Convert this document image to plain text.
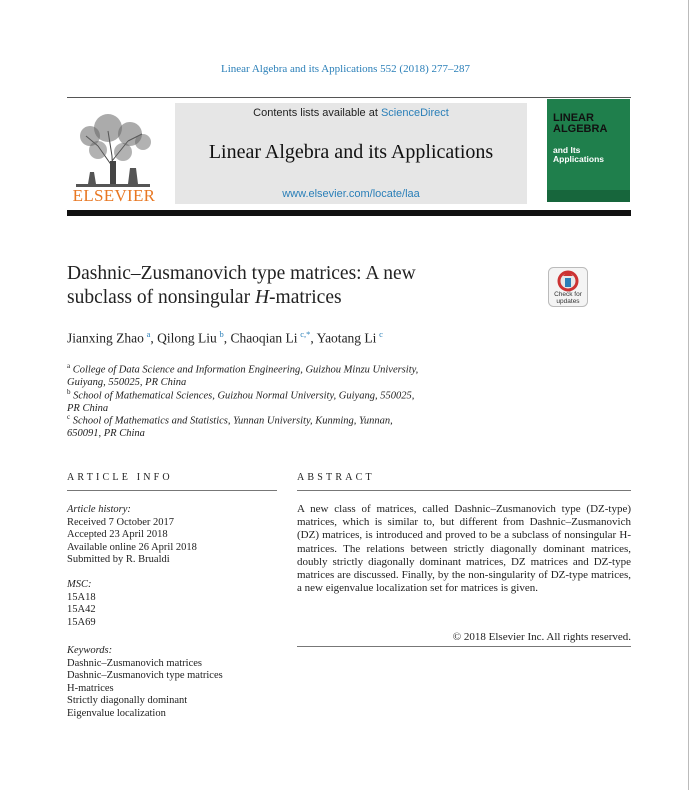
Linear Algebra and its Applications 552 (2018) 277–287
ELSEVIER
Contents lists available at ScienceDirect
Linear Algebra and its Applications
www.elsevier.com/locate/laa
LINEAR
ALGEBRA
and Its
Applications
Dashnic–Zusmanovich type matrices: A new
subclass of nonsingular H-matrices	Check for
updates
Jianxing Zhao  $^a$, Qilong Liu  $^b$, Chaoqian Li  $^{c,*}$, Yaotang Li  $^c$
$^a$ College of Data Science and Information Engineering, Guizhou Minzu University,
Guiyang, 550025, PR China
$^b$ School of Mathematical Sciences, Guizhou Normal University, Guiyang, 550025,
PR China
$^c$ School of Mathematics and Statistics, Yunnan University, Kunming, Yunnan,
650091, PR China
ARTICLE INFO	ABSTRACT
Article history:
Received 7 October 2017
Accepted 23 April 2018
Available online 26 April 2018
Submitted by R. Brualdi
MSC:
15A18
15A42
15A69
Keywords:
Dashnic–Zusmanovich matrices
Dashnic–Zusmanovich type matrices
H-matrices
Strictly diagonally dominant
Eigenvalue localization
A new class of matrices, called Dashnic–Zusmanovich type (DZ-type) matrices, which is similar to, but different from Dashnic–Zusmanovich (DZ) matrices, is introduced and proved to be a subclass of nonsingular H-matrices. The relations between strictly diagonally dominant matrices, doubly strictly diagonally dominant matrices, DZ matrices and DZ-type matrices are discussed. Finally, by the non-singularity of DZ-type matrices, a new eigenvalue localization set for matrices is given.
© 2018 Elsevier Inc. All rights reserved.
